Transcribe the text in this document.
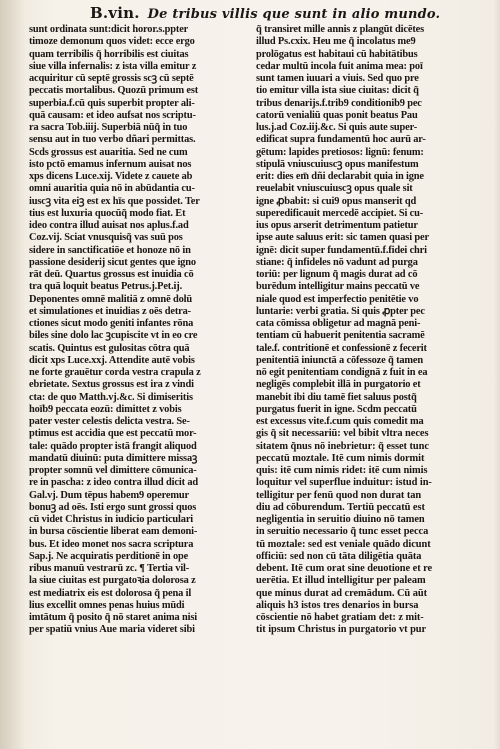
B.vin. De tribus villis que sunt in alio mundo.
sunt ordinata sunt:dicit horor.s.ppter
timoze demonum quos videt: ecce ergo
quam terribilis q̃ horribilis est ciuitas
siue villa infernalis: z ista villa emitur z
acquiritur cū septē grossis scꝫ cū septē
peccatis mortalibus. Quozū primum est
superbia.f.cū quis superbit propter ali-
quā causam: et ideo aufsat nos scriptu-
ra sacra Tob.iiij. Superbiā nūq̃ in tuo
sensu aut in tuo verbo dñari permittas.
Scds grossus est auaritia. Sed ne cum
isto pctō emamus infernum auisat nos
xps dicens Luce.xij. Videte z cauete ab
omni auaritia quia nō in abūdantia cu-
iuscꝫ vita eiꝫ est ex hīs que possidet. Ter
tius est luxuria quocūq̃ modo fiat. Et
ideo contra illud auisat nos aplus.f.ad
Coz.vij. Sciat vnusquisq̃ vas suū pos
sidere in sanctificatiōe et honoze nō in
passione desiderij sicut gentes que igno
rāt deū. Quartus grossus est inuidia cō
tra quā loquit beatus Petrus.j.Pet.ij.
Deponentes omnē malitiā z omnē dolū
et simulationes et inuidias z oēs detra-
ctiones sicut modo geniti infantes rōna
biles sine dolo lac ꝫcupiscite vt in eo cre
scatis. Quintus est gulositas cōtra quā
dicit xps Luce.xxj. Attendite autē vobis
ne forte grauētur corda vestra crapula z
ebrietate. Sextus grossus est ira z vindi
cta: de quo Matth.vj.&c. Si dimiseritis
hoīb9 peccata eozū: dimittet z vobis
pater vester celestis delicta vestra. Se-
ptimus est accidia que est peccatū mor-
tale: quādo propter istā frangit aliquod
mandatū diuinū: puta dimittere missaꝫ
propter somnū vel dimittere cōmunica-
re in pascha: z ideo contra illud dicit ad
Gal.vj. Dum tēpus habem9 operemur
bonuꝫ ad oēs. Isti ergo sunt grossi quos
cū videt Christus in iudicio particulari
in bursa cōscientie liberat eam demoni-
bus. Et ideo monet nos sacra scriptura
Sap.j. Ne acquiratis perditionē in ope
ribus manuū vestrarū zc. ¶ Tertia vil-
la siue ciuitas est purgatoꝛia dolorosa z
est mediatrix eis est dolorosa q̃ pena il
lius excellit omnes penas huius mūdi
imtātum q̃ posito q̃ nō staret anima nisi
per spatiū vnius Aue maria videret sibi
q̃ transiret mille annis z plangūt dicētes
illud Ps.cxix. Heu me q̃ incolatus me9
prolōgatus est habitaui cū habitātibus
cedar multū incola fuit anima mea: poī
sunt tamen iuuari a viuis. Sed quo pre
tio emitur villa ista siue ciuitas: dicit q̃
tribus denarijs.f.trib9 conditionib9 pec
catorū venialiū quas ponit beatus Pau
lus.j.ad Coz.iij.&c. Si quis aute super-
edificat supra fundamentū hoc aurū ar-
gētum: lapides pretiosos: lignū: fenum:
stipulā vniuscuiuscꝫ opus manifestum
erit: dies em̄ dñi declarabit quia in igne
reuelabit vniuscuiuscꝫ opus quale sit
igne ꝓbabit: si cui9 opus manserit qd
superedificauit mercedē accipiet. Si cu-
ius opus arserit detrimentum patietur
ipse aute saluus erit: sic tamen quasi per
ignē: dicit super fundamentū.f.fidei chri
stiane: q̃ infideles nō vadunt ad purga
toriū: per lignum q̃ magis durat ad cō
burēdum intelligitur mains peccatū ve
niale quod est imperfectio penitētie vo
luntarie: verbi gratia. Si quis ꝓpter pec
cata cōmissa obligetur ad magnā peni-
tentiam cū habuerit penitentia sacramē
tale.f. contritionē et confessionē z fecerit
penitentiā iniunctā a cōfessoze q̃ tamen
nō egit penitentiam condignā z fuit in ea
negligēs complebit illā in purgatorio et
manebit ibi diu tamē fiet saluus postq̃
purgatus fuerit in igne. Scdm peccatū
est excessus vite.f.cum quis comedit ma
gis q̃ sit necessariū: vel bibit vltra neces
sitatem q̃nus nō inebrietur: q̃ esset tunc
peccatū moztale. Itē cum nimis dormit
quis: itē cum nimis ridet: itē cum nimis
loquitur vel superflue induitur: istud in-
telligitur per fenū quod non durat tan
diu ad cōburendum. Tertiū peccatū est
negligentia in seruitio diuino nō tamen
in seruitio necessario q̃ tunc esset pecca
tū moztale: sed est veniale quādo dicunt
officiū: sed non cū tāta diligētia quāta
debent. Itē cum orat sine deuotione et re
uerētia. Et illud intelligitur per paleam
que minus durat ad cremādum. Cū aūt
aliquis h3 istos tres denarios in bursa
cōscientie nō habet gratiam det: z mit-
tit ipsum Christus in purgatorio vt pur
